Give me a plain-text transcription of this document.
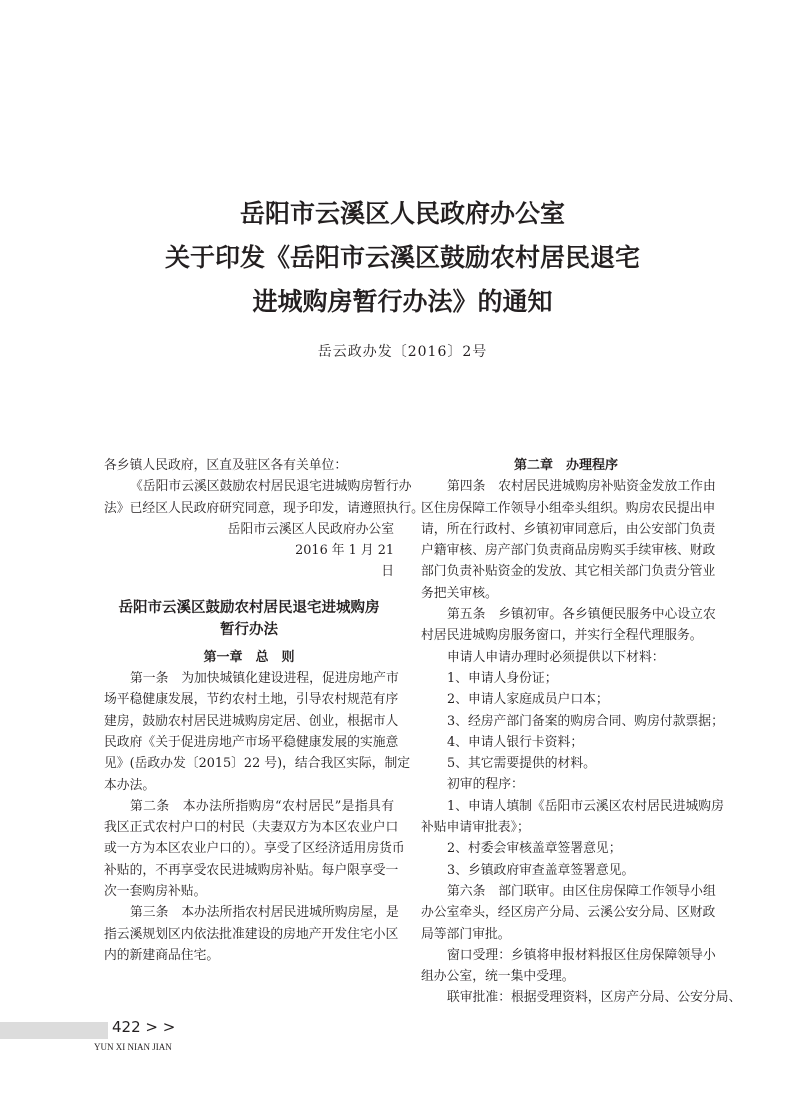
岳阳市云溪区人民政府办公室
关于印发《岳阳市云溪区鼓励农村居民退宅
进城购房暂行办法》的通知
岳云政办发〔2016〕2号
各乡镇人民政府，区直及驻区各有关单位：
《岳阳市云溪区鼓励农村居民退宅进城购房暂行办
法》已经区人民政府研究同意，现予印发，请遵照执行。
岳阳市云溪区人民政府办公室
2016 年 1 月 21
日
岳阳市云溪区鼓励农村居民退宅进城购房
暂行办法
第一章　总　则
第一条　为加快城镇化建设进程，促进房地产市
场平稳健康发展，节约农村土地，引导农村规范有序
建房，鼓励农村居民进城购房定居、创业，根据市人
民政府《关于促进房地产市场平稳健康发展的实施意
见》(岳政办发〔2015〕22 号)，结合我区实际，制定
本办法。
第二条　本办法所指购房“农村居民”是指具有
我区正式农村户口的村民（夫妻双方为本区农业户口
或一方为本区农业户口的）。享受了区经济适用房货币
补贴的，不再享受农民进城购房补贴。每户限享受一
次一套购房补贴。
第三条　本办法所指农村居民进城所购房屋，是
指云溪规划区内依法批准建设的房地产开发住宅小区
内的新建商品住宅。
第二章　办理程序
第四条　农村居民进城购房补贴资金发放工作由
区住房保障工作领导小组牵头组织。购房农民提出申
请，所在行政村、乡镇初审同意后，由公安部门负责
户籍审核、房产部门负责商品房购买手续审核、财政
部门负责补贴资金的发放、其它相关部门负责分管业
务把关审核。
第五条　乡镇初审。各乡镇便民服务中心设立农
村居民进城购房服务窗口，并实行全程代理服务。
申请人申请办理时必须提供以下材料：
1、申请人身份证；
2、申请人家庭成员户口本；
3、经房产部门备案的购房合同、购房付款票据；
4、申请人银行卡资料；
5、其它需要提供的材料。
初审的程序：
1、申请人填制《岳阳市云溪区农村居民进城购房
补贴申请审批表》；
2、村委会审核盖章签署意见；
3、乡镇政府审查盖章签署意见。
第六条　部门联审。由区住房保障工作领导小组
办公室牵头，经区房产分局、云溪公安分局、区财政
局等部门审批。
窗口受理：乡镇将申报材料报区住房保障领导小
组办公室，统一集中受理。
联审批准：根据受理资料，区房产分局、公安分局、
422 > >
YUN XI NIAN JIAN
